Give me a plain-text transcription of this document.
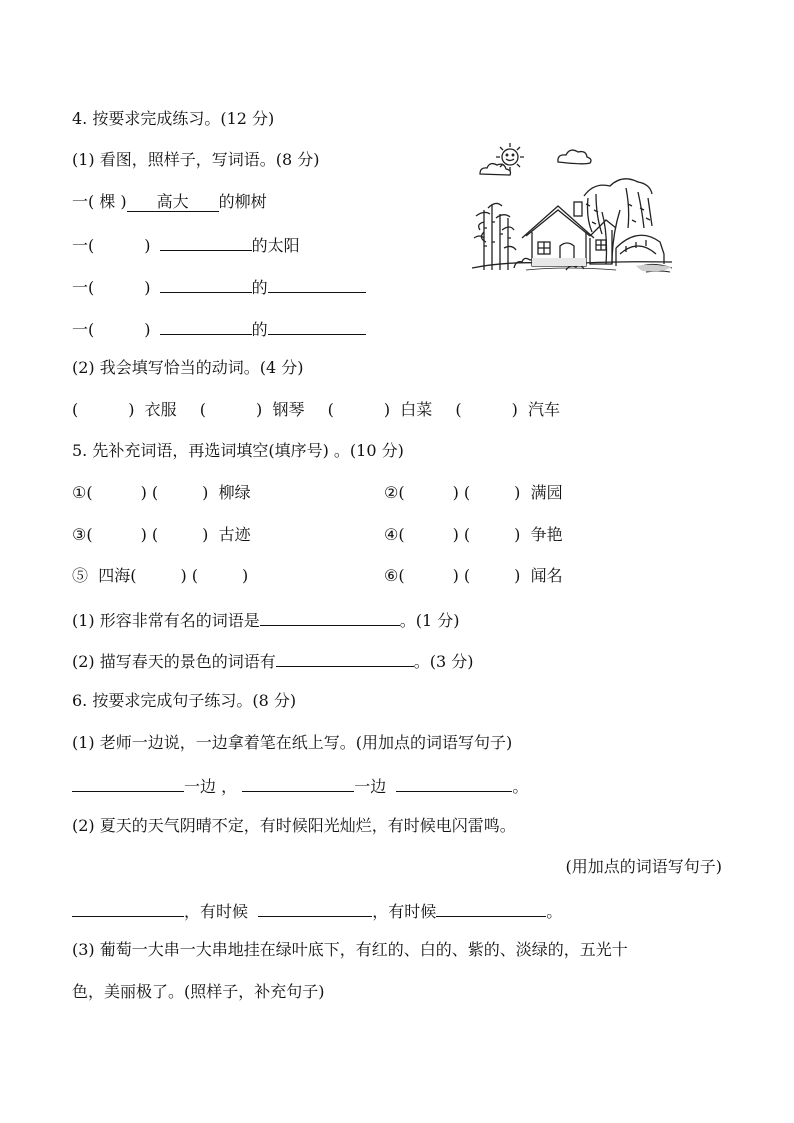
4. 按要求完成练习。(12 分)
(1) 看图，照样子，写词语。(8 分)
一( 棵 ) 高大 的柳树
一(	)	的太阳
一(	)	的
一(	)	的
(2) 我会填写恰当的动词。(4 分)
(	)  衣服 (	)  钢琴 (	)  白菜 (	)  汽车
5. 先补充词语，再选词填空(填序号) 。(10 分)
①(	) (	)  柳绿	②(	) (	)  满园
③(	) (	)  古迹	④(	) (	)  争艳
⑤ 四海(	) (	)	⑥(	) (	)  闻名
(1) 形容非常有名的词语是	。(1 分)
(2) 描写春天的景色的词语有	。(3 分)
6. 按要求完成句子练习。(8 分)
(1) 老师一边说，一边拿着笔在纸上写。(用加点的词语写句子)
一边 ，	一边	。
(2) 夏天的天气阴晴不定，有时候阳光灿烂，有时候电闪雷鸣。
(用加点的词语写句子)
，有时候	，有时候	。
(3) 葡萄一大串一大串地挂在绿叶底下，有红的、白的、紫的、淡绿的，五光十
色，美丽极了。(照样子，补充句子)
